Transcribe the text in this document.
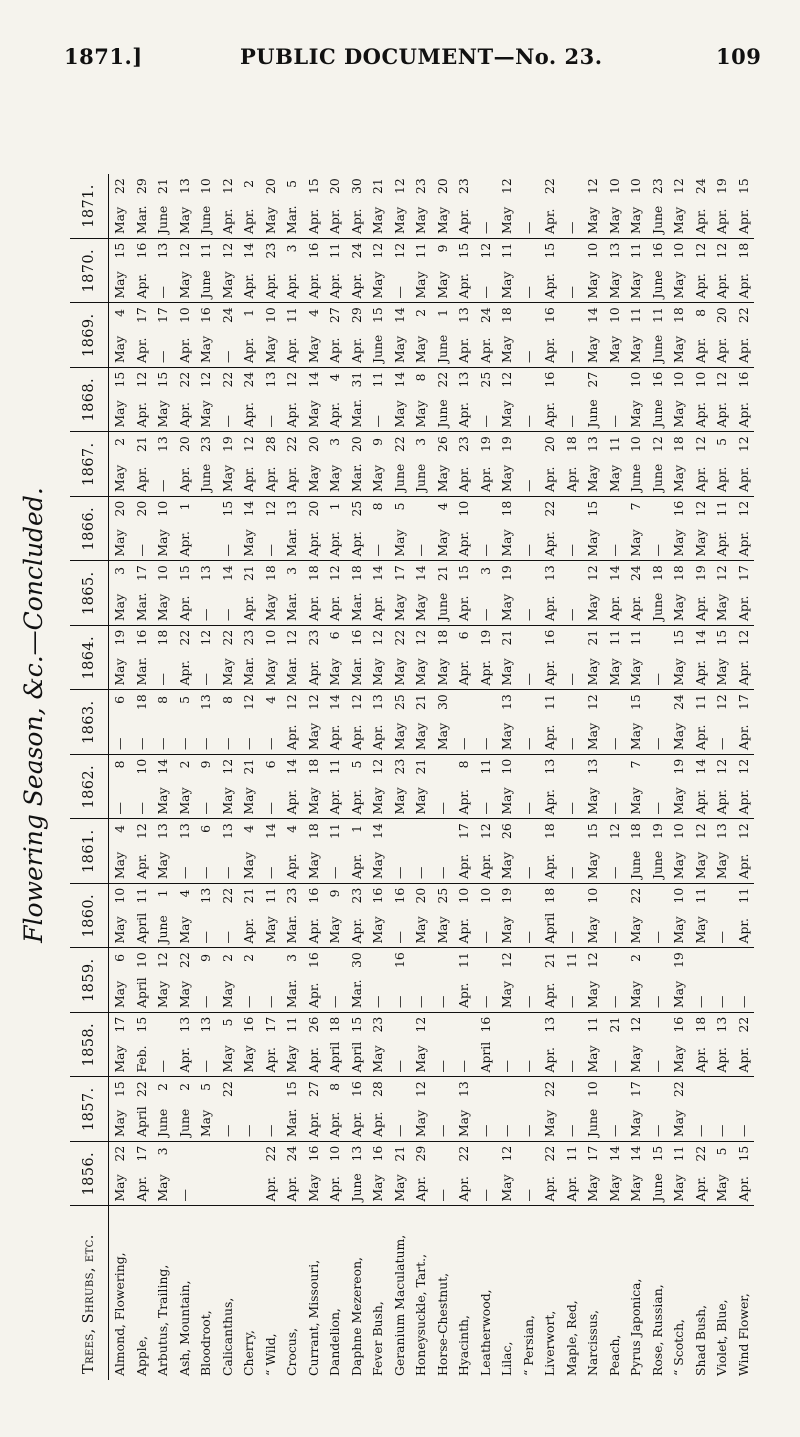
1871.]	PUBLIC DOCUMENT—No. 23.	109
Flowering Season, &c.—Concluded.
Trees, Shrubs, etc.	1856.	1857.	1858.	1859.	1860.	1861.	1862.	1863.	1864.	1865.	1866.	1867.	1868.	1869.	1870.	1871.
Almond, Flowering,	May22	May15	May17	May6	May10	May4	—8	—6	May19	May3	May20	May2	May15	May4	May15	May22
Apple,	Apr.17	April22	Feb.15	April10	April11	Apr.12	—10	—18	Mar.16	Mar.17	—20	Apr.21	Apr.12	Apr.17	Apr.16	Mar.29
Arbutus, Trailing,	May3	June2	—	May12	June1	May13	May14	—8	—18	May10	May10	—13	May15	—17	—13	June21
Ash, Mountain,	—	June2	Apr.13	May22	May4	—13	May2	—5	Apr.22	Apr.15	Apr.1	Apr.20	Apr.22	Apr.10	May12	May13
Bloodroot,		May5	—13	—9	—13	—6	—9	—13	—12	—13		June23	May12	May16	June11	June10
Calicanthus,		—22	May5	May2	—22	—13	May12	—8	May22	—14	—15	May19	—22	—24	May12	Apr.12
Cherry,		—	May16	—2	Apr.21	May4	May21	—12	Mar.23	Apr.21	May14	Apr.12	Apr.24	Apr.1	Apr.14	Apr.2
“ Wild,	Apr.22	—	Apr.17	—	May11	—14	—6	—4	May10	May18	—12	Apr.28	—13	May10	Apr.23	May20
Crocus,	Apr.24	Mar.15	May11	Mar.3	Mar.23	Apr.4	Apr.14	Apr.12	Mar.12	Mar.3	Mar.13	Apr.22	Apr.12	Apr.11	Apr.3	Mar.5
Currant, Missouri,	May16	Apr.27	Apr.26	Apr.16	Apr.16	May18	May18	May12	Apr.23	Apr.18	Apr.20	May20	May14	May4	Apr.16	Apr.15
Dandelion,	Apr.10	Apr.8	April18	—	May9	—11	Apr.11	Apr.14	May6	Apr.12	Apr.1	May3	Apr.4	Apr.27	Apr.11	Apr.20
Daphne Mezereon,	June13	Apr.16	April15	Mar.30	Apr.23	Apr.1	Apr.5	Apr.12	Mar.16	Mar.18	Apr.25	Mar.20	Mar.31	Apr.29	Apr.24	Apr.30
Fever Bush,	May16	Apr.28	May23	—	May16	May14	May12	Apr.13	May12	Apr.14	—8	May9	—11	June15	May12	May21
Geranium Maculatum,	May21	—	—	—16	—16	—	May23	May25	May22	May17	May5	June22	May14	May14	—12	May12
Honeysuckle, Tart.,	Apr.29	May12	May12	—	May20	—	May21	May21	May12	May14	—	June3	May8	May2	May11	May23
Horse-Chestnut,	—	—	—	—	May25	—	—	May30	May18	June21	May4	May26	June22	June1	May9	May20
Hyacinth,	Apr.22	May13	—	Apr.11	Apr.10	Apr.17	Apr.8	—	Apr.6	Apr.15	Apr.10	Apr.23	Apr.13	Apr.13	Apr.15	Apr.23
Leatherwood,	—	—	April16	—	—10	Apr.12	—11	—	Apr.19	—3	—	Apr.19	—25	Apr.24	—12	—
Lilac,	May12	—	—	May12	May19	May26	May10	May13	May21	May19	May18	May19	May12	May18	May11	May12
“ Persian,	—	—	—	—	—	—	—	—	—	—	—	—	—	—	—	—
Liverwort,	Apr.22	May22	Apr.13	Apr.21	April18	Apr.18	Apr.13	Apr.11	Apr.16	Apr.13	Apr.22	Apr.20	Apr.16	Apr.16	Apr.15	Apr.22
Maple, Red,	Apr.11	—	—	—11	—	—	—	—	—	—	—	Apr.18	—	—	—	—
Narcissus,	May17	June10	May11	May12	May10	May15	May13	May12	May21	May12	May15	May13	June27	May14	May10	May12
Peach,	May14	—	—21	—	—	—12	—	—	May11	Apr.14	—	May11	—	May10	May13	May10
Pyrus Japonica,	May14	May17	May12	May2	May22	June18	May7	May15	May11	Apr.24	May7	June10	May10	May11	May11	May10
Rose, Russian,	June15	—	—	—	—	June19	—	—	—	June18	—	June12	June16	June11	June16	June23
“ Scotch,	May11	May22	May16	May19	May10	May10	May19	May24	May15	May18	May16	May18	May10	May18	May10	May12
Shad Bush,	Apr.22	—	Apr.18	—	May11	May12	Apr.14	Apr.11	Apr.14	Apr.19	May12	Apr.12	Apr.10	Apr.8	Apr.12	Apr.24
Violet, Blue,	May5	—	Apr.13	—	—	May13	Apr.12	—12	May15	May12	Apr.11	Apr.5	Apr.12	Apr.20	Apr.12	Apr.19
Wind Flower,	Apr.15	—	Apr.22	—	Apr.11	Apr.12	Apr.12	Apr.17	Apr.12	Apr.17	Apr.12	Apr.12	Apr.16	Apr.22	Apr.18	Apr.15
